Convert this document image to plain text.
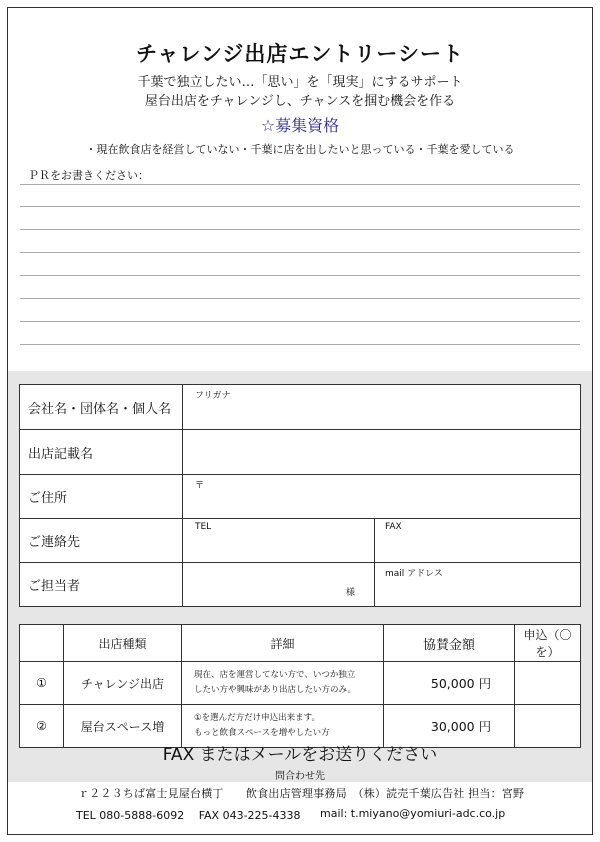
チャレンジ出店エントリーシート
千葉で独立したい…「思い」を「現実」にするサポート
屋台出店をチャレンジし、チャンスを掴む機会を作る
☆募集資格
・現在飲食店を経営していない・千葉に店を出したいと思っている・千葉を愛している
ＰＲをお書きください：
会社名・団体名・個人名	フリガナ	

出店記載名		
ご住所	〒	

ご連絡先	TEL	FAX

ご担当者	様	mail アドレス
	出店種類	詳細	協賛金額	申込（〇を）
①	チャレンジ出店	現在、店を運営してない方で、いつか独立
したい方や興味があり出店したい方のみ。	50,000 円	
②	屋台スペース増	①を選んだ方だけ申込出来ます。
もっと飲食スペースを増やしたい方	30,000 円	
FAX またはメールをお送りください
問合わせ先
ｒ２２３ちば富士見屋台横丁　　飲食出店管理事務局　（株）読売千葉広告社 担当：宮野
TEL 080-5888-6092　 FAX 043-225-4338 mail: t.miyano@yomiuri-adc.co.jp
